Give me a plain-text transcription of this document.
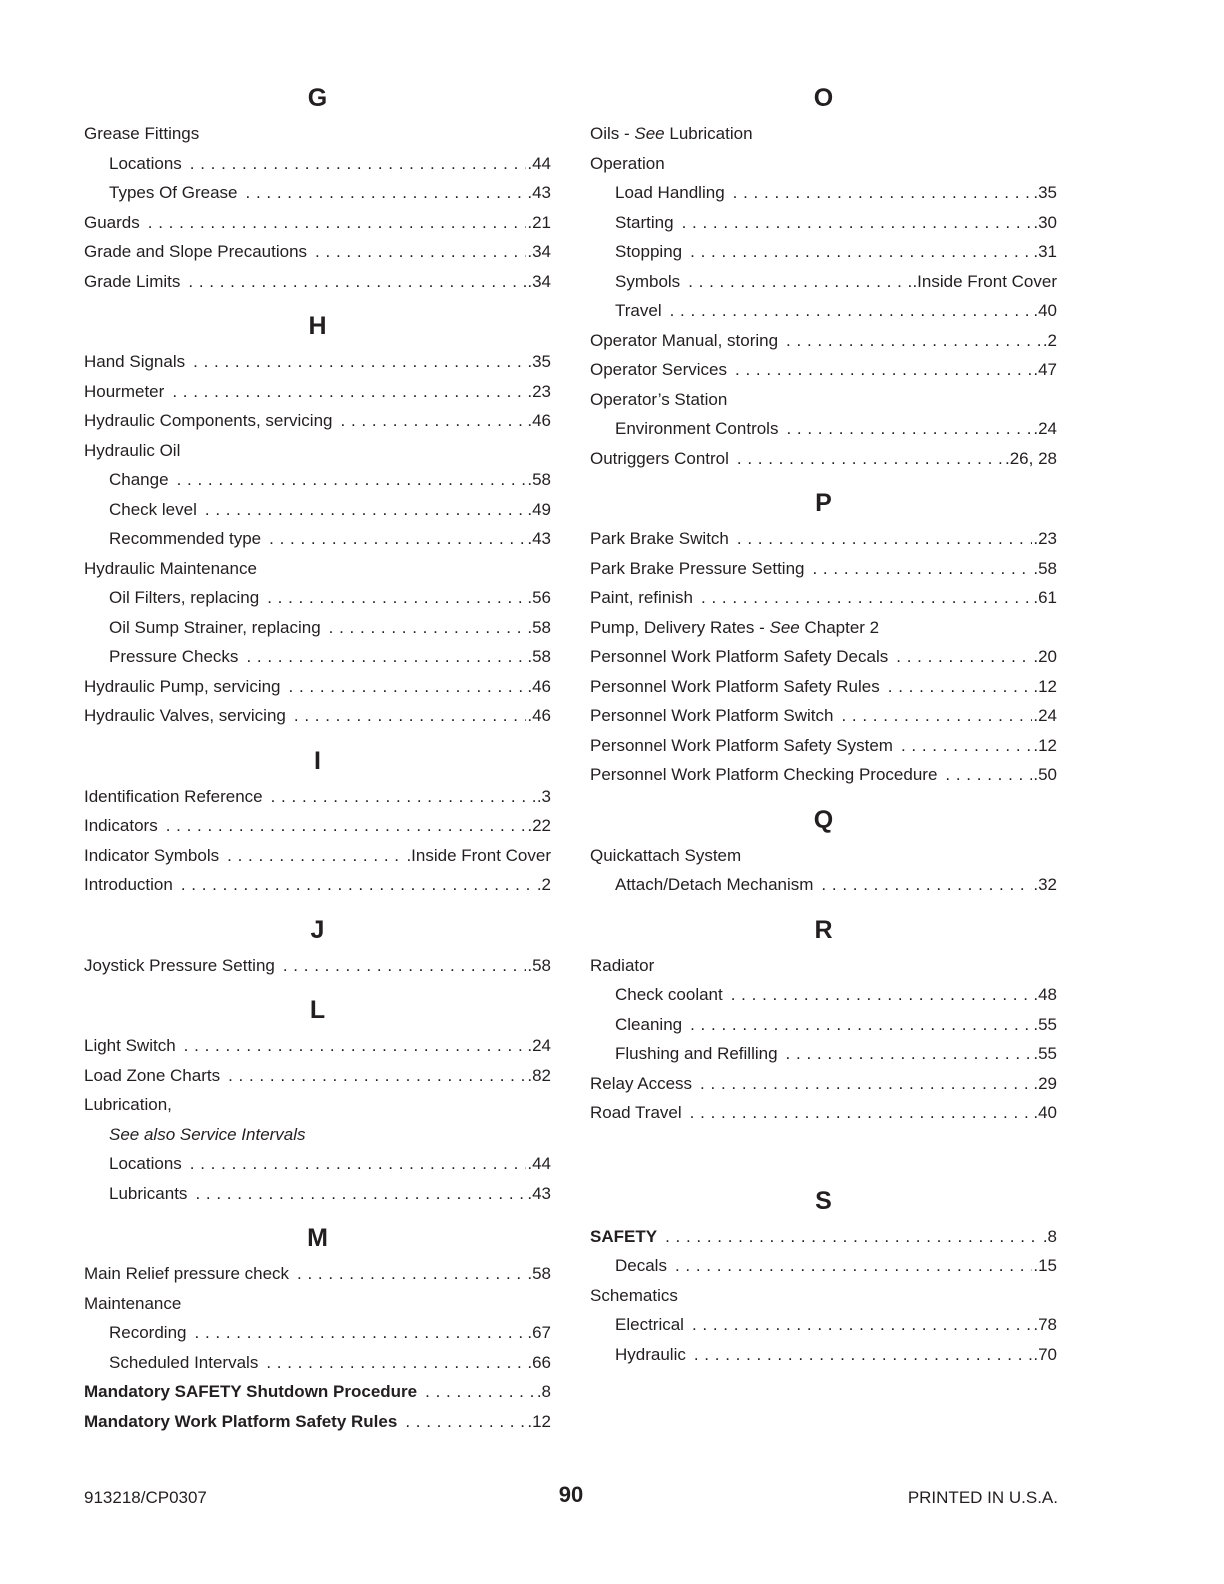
G
Grease Fittings
Locations . . .	.44
Types Of Grease . . .	.43
Guards . . .	.21
Grade and Slope Precautions . . .	.34
Grade Limits . . .	.34
H
Hand Signals . . .	.35
Hourmeter . . .	.23
Hydraulic Components, servicing . . .	.46
Hydraulic Oil
Change . . .	.58
Check level . . .	.49
Recommended type . . .	.43
Hydraulic Maintenance
Oil Filters, replacing . . .	.56
Oil Sump Strainer, replacing . . .	.58
Pressure Checks . . .	.58
Hydraulic Pump, servicing . . .	.46
Hydraulic Valves, servicing . . .	.46
I
Identification Reference . . .	.3
Indicators . . .	.22
Indicator Symbols . . .	.Inside Front Cover
Introduction . . .	.2
J
Joystick Pressure Setting . . .	.58
L
Light Switch . . .	.24
Load Zone Charts . . .	.82
Lubrication,
See also Service Intervals
Locations . . .	.44
Lubricants . . .	.43
M
Main Relief pressure check . . .	.58
Maintenance
Recording . . .	.67
Scheduled Intervals . . .	.66
Mandatory SAFETY Shutdown Procedure . . .	.8
Mandatory Work Platform Safety Rules . . .	.12
O
Oils - See Lubrication
Operation
Load Handling . . .	.35
Starting . . .	.30
Stopping . . .	.31
Symbols . . .	.Inside Front Cover
Travel . . .	.40
Operator Manual, storing . . .	.2
Operator Services . . .	.47
Operator’s Station
Environment Controls . . .	.24
Outriggers Control . . .	.26, 28
P
Park Brake Switch . . .	.23
Park Brake Pressure Setting . . .	.58
Paint, refinish . . .	.61
Pump, Delivery Rates - See Chapter 2
Personnel Work Platform Safety Decals . . .	.20
Personnel Work Platform Safety Rules . . .	.12
Personnel Work Platform Switch . . .	.24
Personnel Work Platform Safety System . . .	.12
Personnel Work Platform Checking Procedure . . .	.50
Q
Quickattach System
Attach/Detach Mechanism . . .	.32
R
Radiator
Check coolant . . .	.48
Cleaning . . .	.55
Flushing and Refilling . . .	.55
Relay Access . . .	.29
Road Travel . . .	.40
S
SAFETY . . .	.8
Decals . . .	.15
Schematics
Electrical . . .	.78
Hydraulic . . .	.70
913218/CP0307	90	PRINTED IN U.S.A.
